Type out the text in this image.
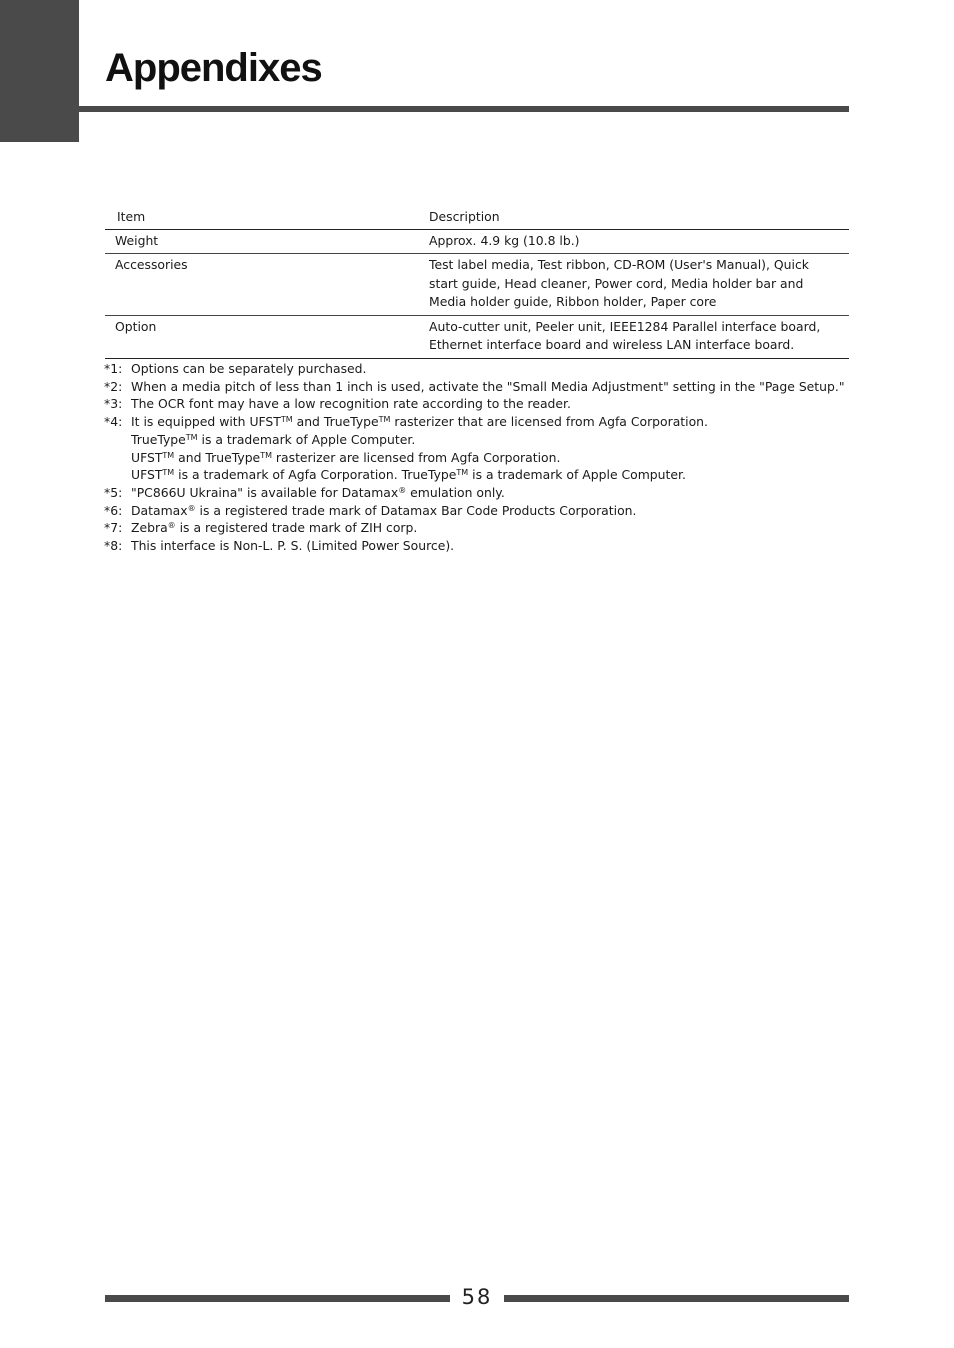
Appendixes
Item	Description
Weight	Approx. 4.9 kg (10.8 lb.)
Accessories	Test label media, Test ribbon, CD-ROM (User's Manual), Quick start guide, Head cleaner, Power cord, Media holder bar and Media holder guide, Ribbon holder, Paper core
Option	Auto-cutter unit, Peeler unit, IEEE1284 Parallel interface board, Ethernet interface board and wireless LAN interface board.
*1: Options can be separately purchased.
*2: When a media pitch of less than 1 inch is used, activate the "Small Media Adjustment" setting in the "Page Setup."
*3: The OCR font may have a low recognition rate according to the reader.
*4: It is equipped with UFST™ and TrueType™ rasterizer that are licensed from Agfa Corporation.
TrueType™ is a trademark of Apple Computer.
UFST™ and TrueType™ rasterizer are licensed from Agfa Corporation.
UFST™ is a trademark of Agfa Corporation. TrueType™ is a trademark of Apple Computer.
*5: "PC866U Ukraina" is available for Datamax® emulation only.
*6: Datamax® is a registered trade mark of Datamax Bar Code Products Corporation.
*7: Zebra® is a registered trade mark of ZIH corp.
*8: This interface is Non-L. P. S. (Limited Power Source).
58
